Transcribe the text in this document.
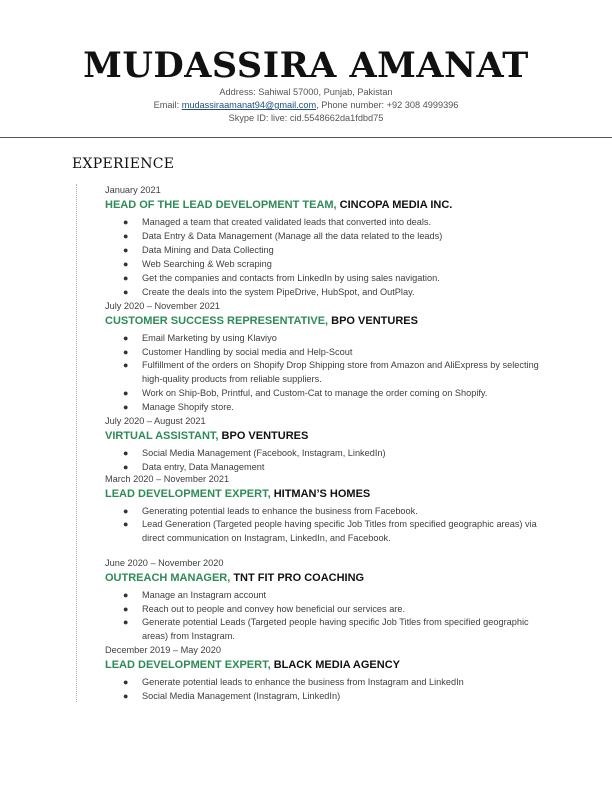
MUDASSIRA AMANAT
Address: Sahiwal 57000, Punjab, Pakistan
Email: mudassiraamanat94@gmail.com, Phone number: +92 308 4999396
Skype ID: live: cid.5548662da1fdbd75
EXPERIENCE
January 2021
HEAD OF THE LEAD DEVELOPMENT TEAM, CINCOPA MEDIA INC.
● Managed a team that created validated leads that converted into deals.
● Data Entry & Data Management (Manage all the data related to the leads)
● Data Mining and Data Collecting
● Web Searching & Web scraping
● Get the companies and contacts from LinkedIn by using sales navigation.
● Create the deals into the system PipeDrive, HubSpot, and OutPlay.
July 2020 – November 2021
CUSTOMER SUCCESS REPRESENTATIVE, BPO VENTURES
● Email Marketing by using Klaviyo
● Customer Handling by social media and Help-Scout
● Fulfillment of the orders on Shopify Drop Shipping store from Amazon and AliExpress by selecting high-quality products from reliable suppliers.
● Work on Ship-Bob, Printful, and Custom-Cat to manage the order coming on Shopify.
● Manage Shopify store.
July 2020 – August 2021
VIRTUAL ASSISTANT, BPO VENTURES
● Social Media Management (Facebook, Instagram, LinkedIn)
● Data entry, Data Management
March 2020 – November 2021
LEAD DEVELOPMENT EXPERT, HITMAN’S HOMES
● Generating potential leads to enhance the business from Facebook.
● Lead Generation (Targeted people having specific Job Titles from specified geographic areas) via direct communication on Instagram, LinkedIn, and Facebook.
June 2020 – November 2020
OUTREACH MANAGER, TNT FIT PRO COACHING
● Manage an Instagram account
● Reach out to people and convey how beneficial our services are.
● Generate potential Leads (Targeted people having specific Job Titles from specified geographic areas) from Instagram.
December 2019 – May 2020
LEAD DEVELOPMENT EXPERT, BLACK MEDIA AGENCY
● Generate potential leads to enhance the business from Instagram and LinkedIn
● Social Media Management (Instagram, LinkedIn)
